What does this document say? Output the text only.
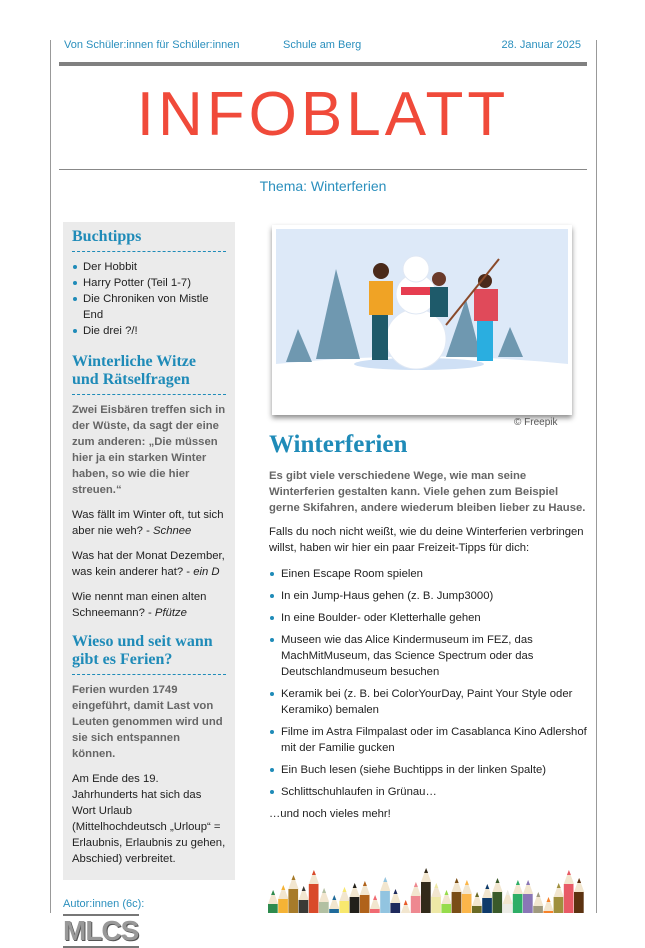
Von Schüler:innen für Schüler:innen	Schule am Berg	28. Januar 2025
INFOBLATT
Thema: Winterferien
Buchtipps
Der Hobbit
Harry Potter (Teil 1-7)
Die Chroniken von Mistle End
Die drei ?/!
Winterliche Witze und Rätselfragen

Zwei Eisbären treffen sich in der Wüste, da sagt der eine zum anderen: „Die müssen hier ja ein starken Winter haben, so wie die hier streuen.“

Was fällt im Winter oft, tut sich aber nie weh? - Schnee

Was hat der Monat Dezember, was kein anderer hat? - ein D

Wie nennt man einen alten Schneemann? - Pfütze

Wieso und seit wann gibt es Ferien?

Ferien wurden 1749 eingeführt, damit Last von Leuten genommen wird und sie sich entspannen können.

Am Ende des 19. Jahrhunderts hat sich das Wort Urlaub (Mittelhochdeutsch „Urloup“ = Erlaubnis, Erlaubnis zu gehen, Abschied) verbreitet.

Autor:innen (6c):
MLCS
© Freepik
Winterferien

Es gibt viele verschiedene Wege, wie man seine Winterferien gestalten kann. Viele gehen zum Beispiel gerne Skifahren, andere wiederum bleiben lieber zu Hause.

Falls du noch nicht weißt, wie du deine Winterferien verbringen willst, haben wir hier ein paar Freizeit-Tipps für dich:

Einen Escape Room spielen
In ein Jump-Haus gehen (z. B. Jump3000)
In eine Boulder- oder Kletterhalle gehen
Museen wie das Alice Kindermuseum im FEZ, das MachMitMuseum, das Science Spectrum oder das Deutschlandmuseum besuchen
Keramik bei (z. B. bei ColorYourDay, Paint Your Style oder Keramiko) bemalen
Filme im Astra Filmpalast oder im Casablanca Kino Adlershof mit der Familie gucken
Ein Buch lesen (siehe Buchtipps in der linken Spalte)
Schlittschuhlaufen in Grünau…

…und noch vieles mehr!
